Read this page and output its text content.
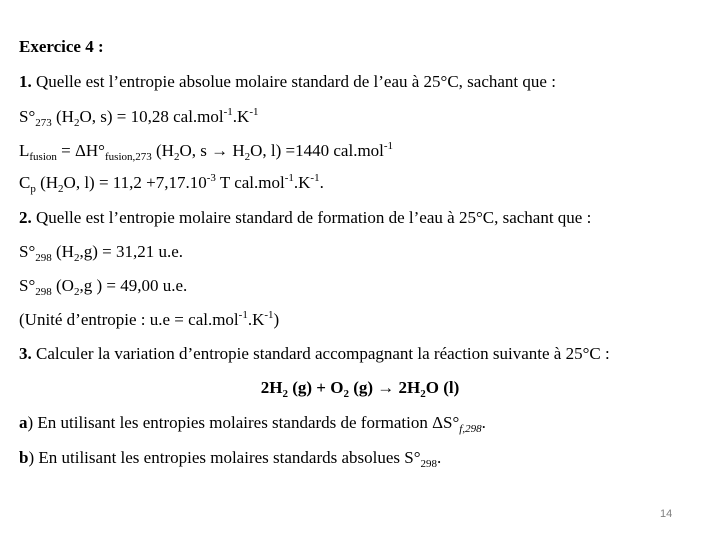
Exercice 4 :
1. Quelle est l’entropie absolue molaire standard de l’eau à 25°C, sachant que :
$S^\circ_{273}$ ($H_2O$, s) = 10,28 $cal.mol^{-1}.K^{-1}$
$L_{fusion} = \Delta H^\circ_{fusion,273}$ ($H_2O$, $s \to H_2O$, l) =1440 cal.mol$^{-1}$
$C_p$ ($H_2O$, $l) = 11,2 +7,17.10^{-3}$ T $cal.mol^{-1}.K^{-1}$.
2. Quelle est l’entropie molaire standard de formation de l’eau à 25°C, sachant que :
$S^\circ_{298}$ $(H_2,g) = 31,21$ u.e.
$S^\circ_{298}$ ($O_2,g$ ) = 49,00 u.e.
(Unité d’entropie : $u.e = cal.mol^{-1}.K^{-1}$)
3. Calculer la variation d’entropie standard accompagnant la réaction suivante à 25°C :
$2H_2$ $(g) + O_2$ $(g) \to 2H_2O$ (l)
a) En utilisant les entropies molaires standards de formation $\Delta S^\circ_{f,298}$.
b) En utilisant les entropies molaires standards absolues $S^\circ_{298}$.
14
